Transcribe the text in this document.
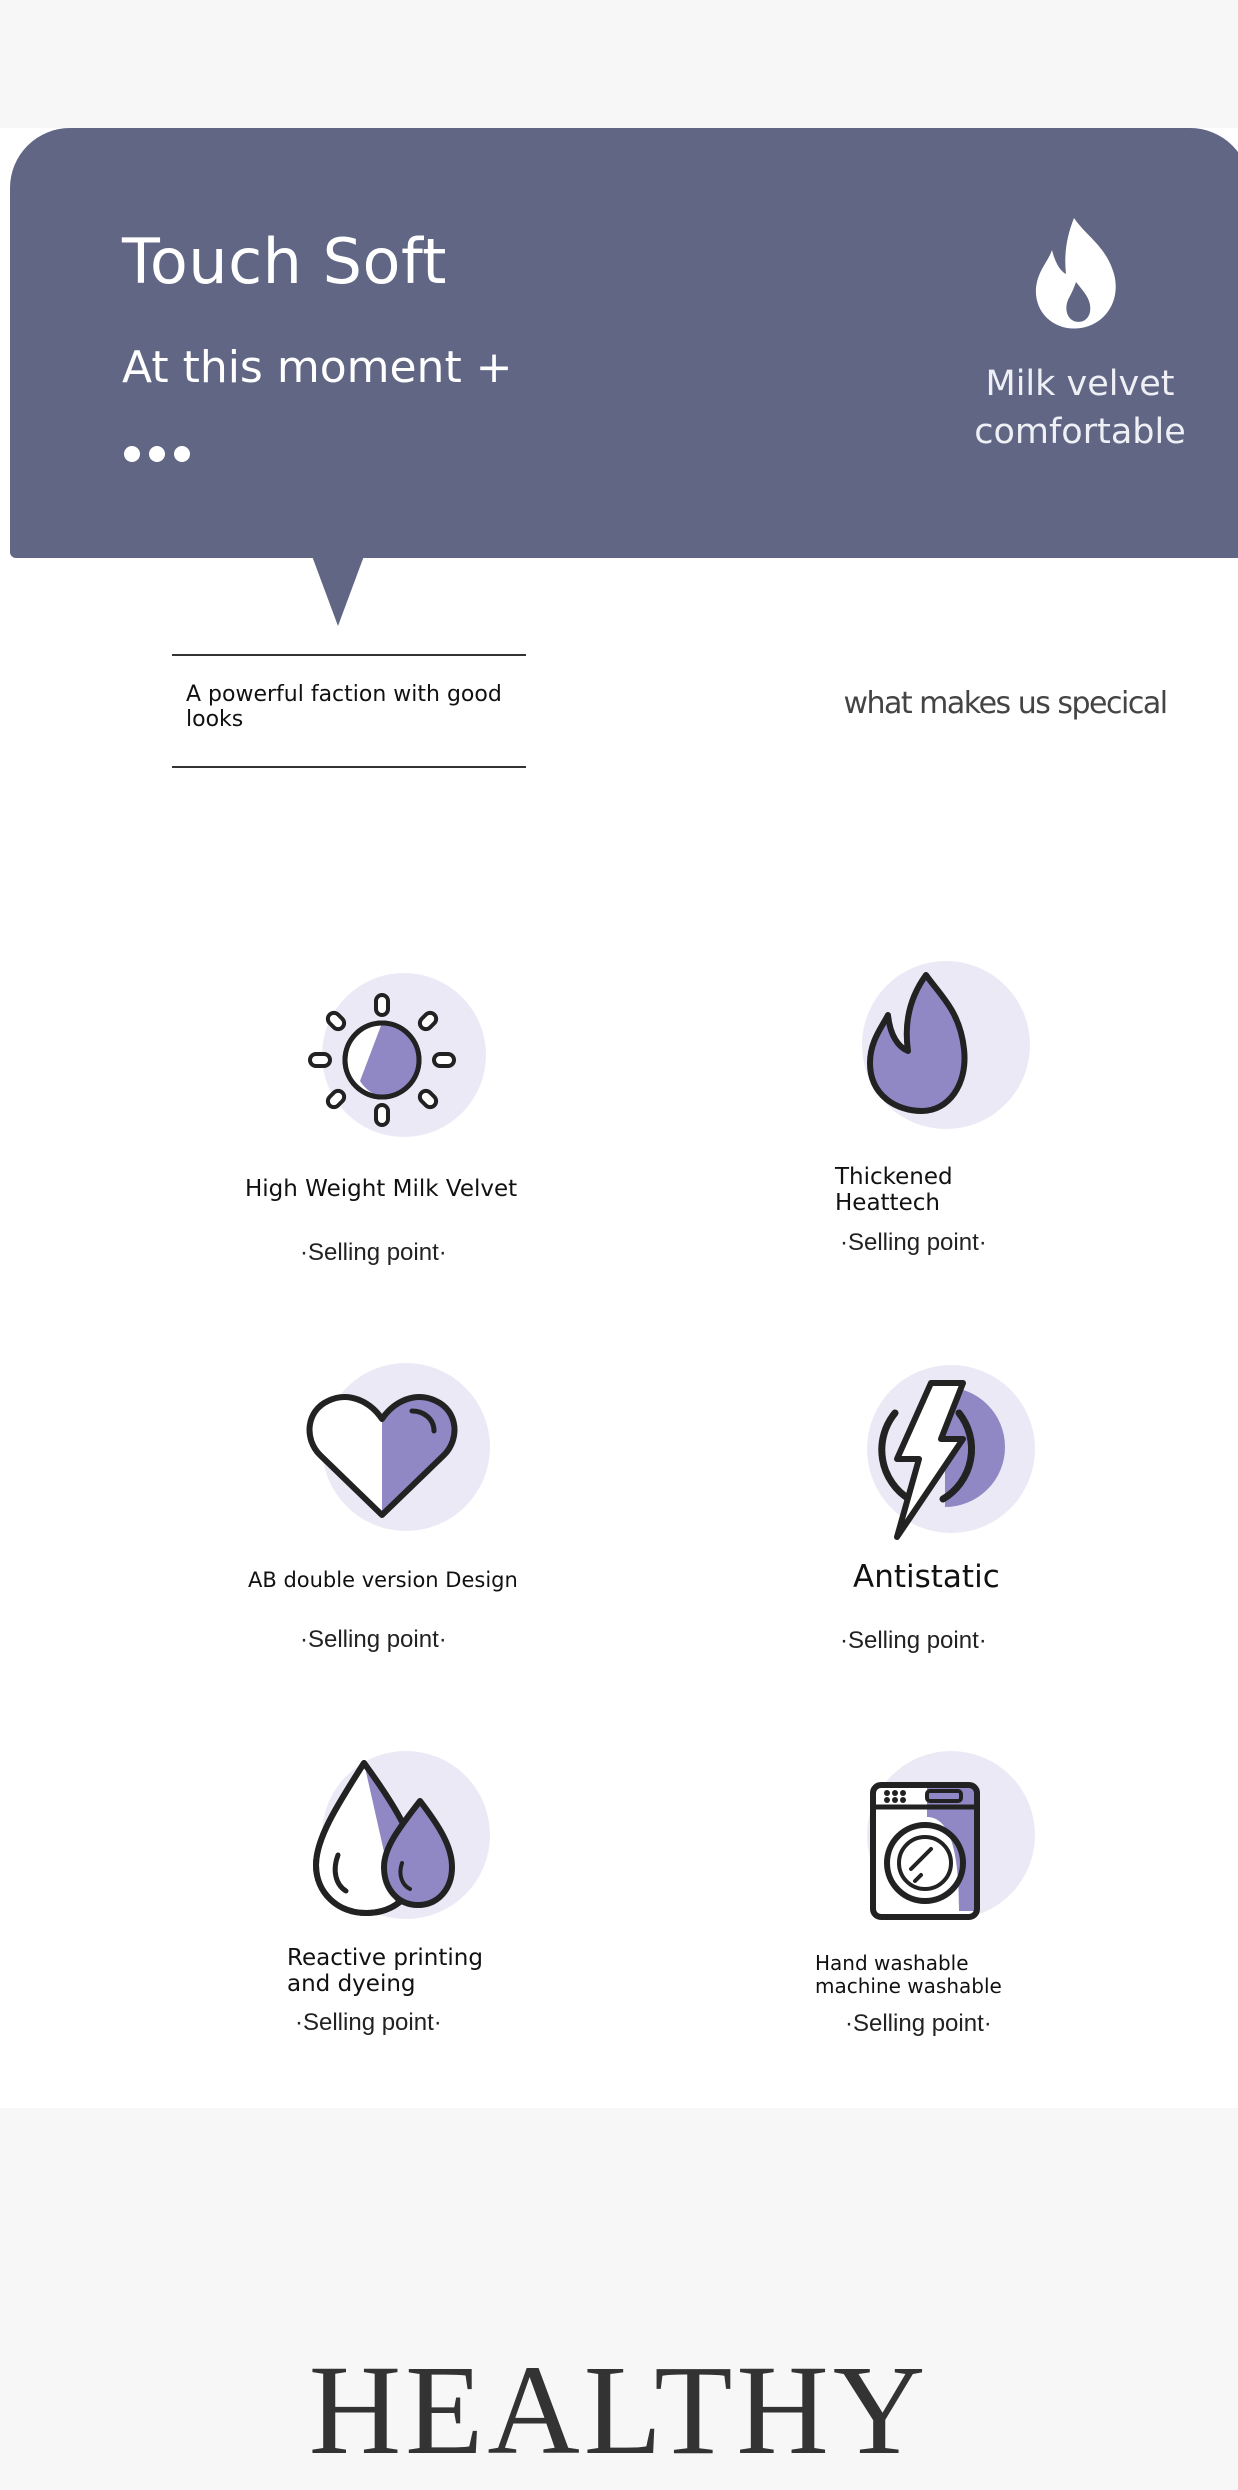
Touch Soft
At this moment +	Milk velvet
comfortable
A powerful faction with good looks	what makes us specical
High Weight Milk Velvet
·Selling point·
Thickened Heattech
·Selling point·
AB double version Design
·Selling point·
Antistatic
·Selling point·
Reactive printing and dyeing
·Selling point·
Hand washable machine washable
·Selling point·
HEALTHY
